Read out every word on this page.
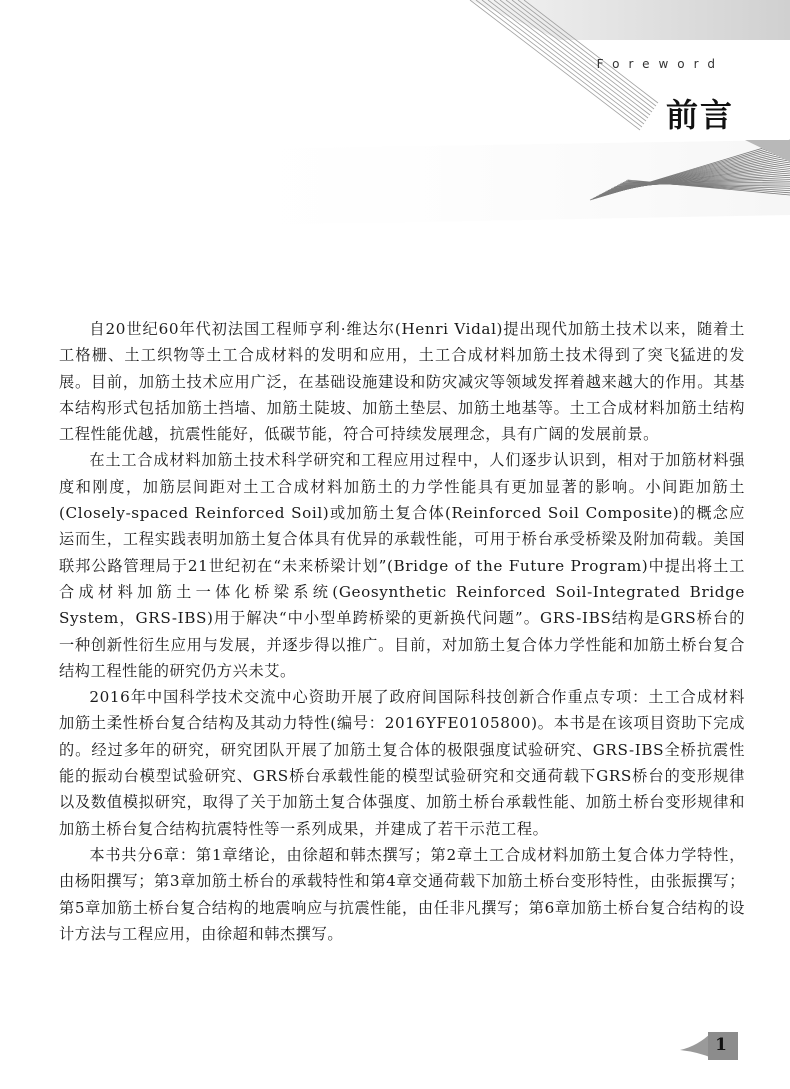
Foreword
前言

自20世纪60年代初法国工程师亨利·维达尔(Henri Vidal)提出现代加筋土技术以来，随着土工格栅、土工织物等土工合成材料的发明和应用，土工合成材料加筋土技术得到了突飞猛进的发展。目前，加筋土技术应用广泛，在基础设施建设和防灾减灾等领域发挥着越来越大的作用。其基本结构形式包括加筋土挡墙、加筋土陡坡、加筋土垫层、加筋土地基等。土工合成材料加筋土结构工程性能优越，抗震性能好，低碳节能，符合可持续发展理念，具有广阔的发展前景。

在土工合成材料加筋土技术科学研究和工程应用过程中，人们逐步认识到，相对于加筋材料强度和刚度，加筋层间距对土工合成材料加筋土的力学性能具有更加显著的影响。小间距加筋土(Closely-spaced Reinforced Soil)或加筋土复合体(Reinforced Soil Composite)的概念应运而生，工程实践表明加筋土复合体具有优异的承载性能，可用于桥台承受桥梁及附加荷载。美国联邦公路管理局于21世纪初在“未来桥梁计划”(Bridge of the Future Program)中提出将土工合成材料加筋土一体化桥梁系统(Geosynthetic Reinforced Soil-Integrated Bridge System，GRS-IBS)用于解决“中小型单跨桥梁的更新换代问题”。GRS-IBS结构是GRS桥台的一种创新性衍生应用与发展，并逐步得以推广。目前，对加筋土复合体力学性能和加筋土桥台复合结构工程性能的研究仍方兴未艾。

2016年中国科学技术交流中心资助开展了政府间国际科技创新合作重点专项：土工合成材料加筋土柔性桥台复合结构及其动力特性(编号：2016YFE0105800)。本书是在该项目资助下完成的。经过多年的研究，研究团队开展了加筋土复合体的极限强度试验研究、GRS-IBS全桥抗震性能的振动台模型试验研究、GRS桥台承载性能的模型试验研究和交通荷载下GRS桥台的变形规律以及数值模拟研究，取得了关于加筋土复合体强度、加筋土桥台承载性能、加筋土桥台变形规律和加筋土桥台复合结构抗震特性等一系列成果，并建成了若干示范工程。

本书共分6章：第1章绪论，由徐超和韩杰撰写；第2章土工合成材料加筋土复合体力学特性，由杨阳撰写；第3章加筋土桥台的承载特性和第4章交通荷载下加筋土桥台变形特性，由张振撰写；第5章加筋土桥台复合结构的地震响应与抗震性能，由任非凡撰写；第6章加筋土桥台复合结构的设计方法与工程应用，由徐超和韩杰撰写。

1
